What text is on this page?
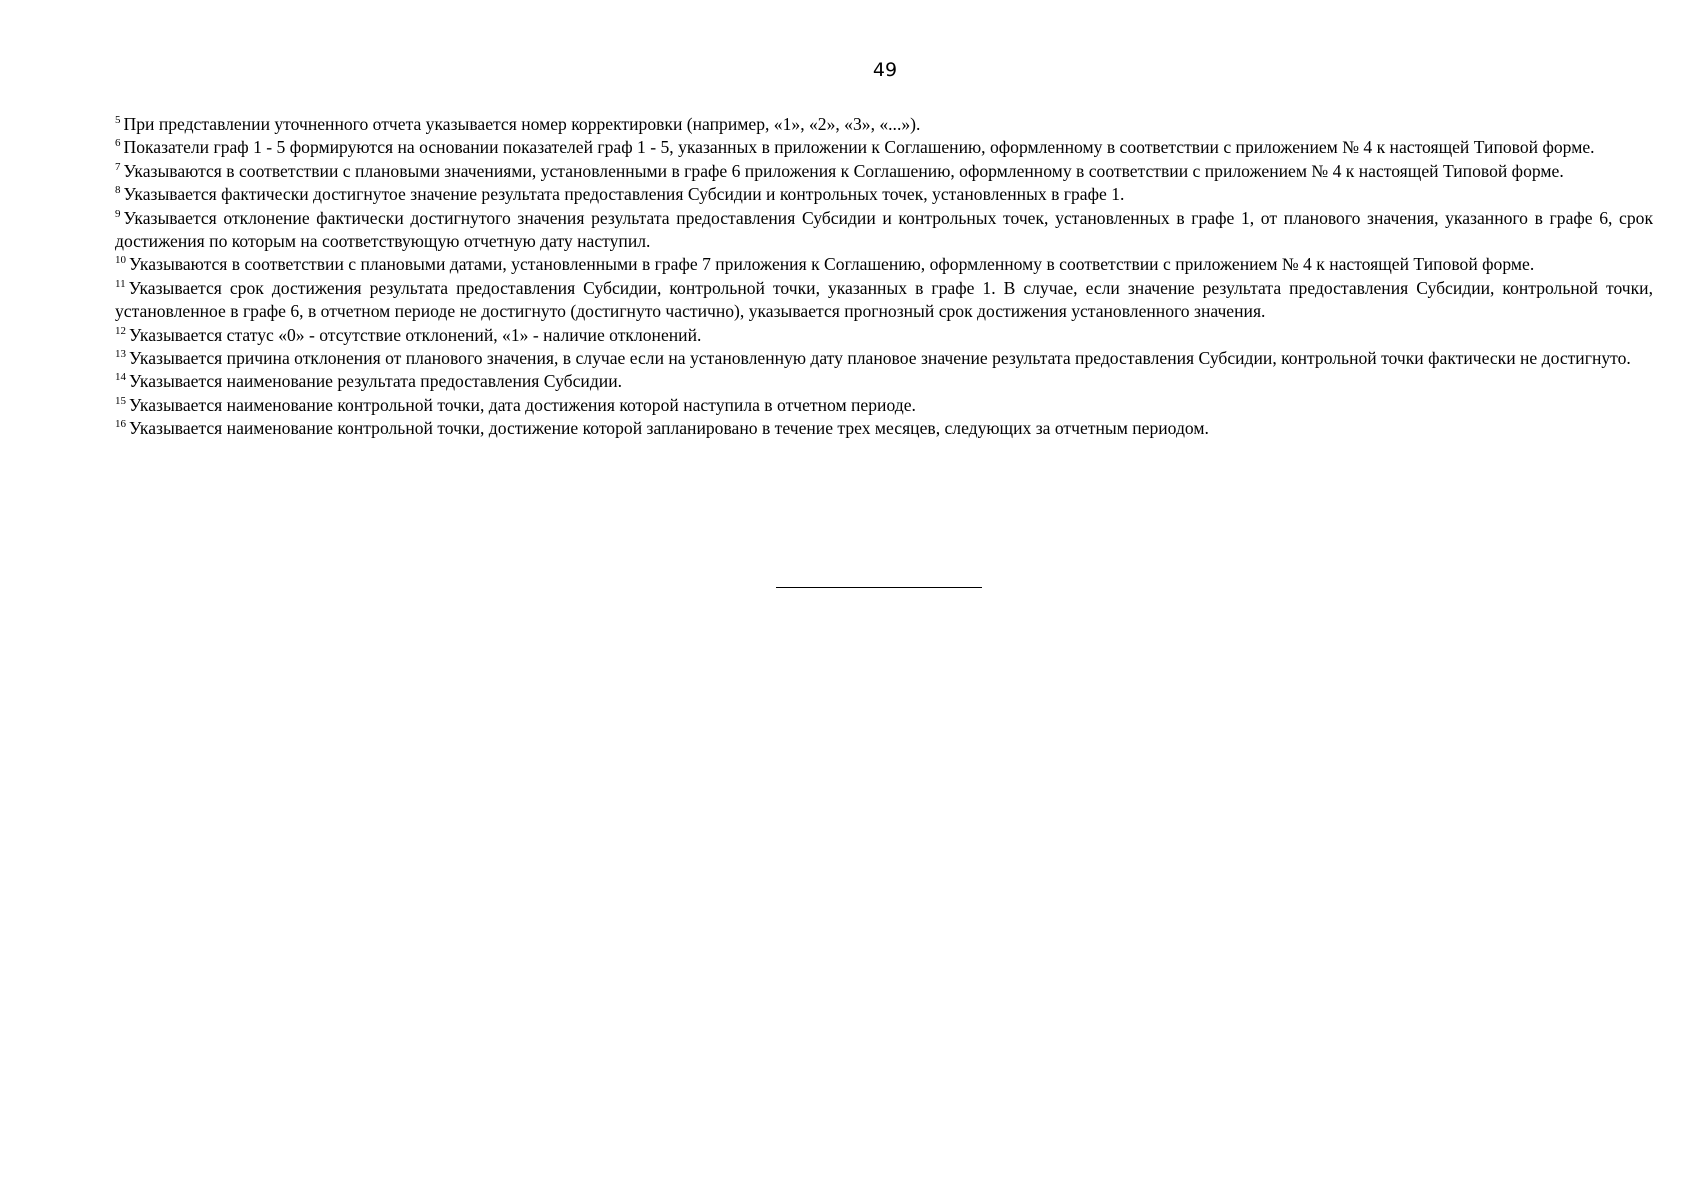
49

$^5$ При представлении уточненного отчета указывается номер корректировки (например, «1», «2», «3», «...»).

$^6$ Показатели граф 1 - 5 формируются на основании показателей граф 1 - 5, указанных в приложении к Соглашению, оформленному в соответствии с приложением № 4 к настоящей Типовой форме.

$^7$ Указываются в соответствии с плановыми значениями, установленными в графе 6 приложения к Соглашению, оформленному в соответствии с приложением № 4 к настоящей Типовой форме.

$^8$ Указывается фактически достигнутое значение результата предоставления Субсидии и контрольных точек, установленных в графе 1.

$^9$ Указывается отклонение фактически достигнутого значения результата предоставления Субсидии и контрольных точек, установленных в графе 1, от планового значения, указанного в графе 6, срок достижения по которым на соответствующую отчетную дату наступил.

$^{10}$ Указываются в соответствии с плановыми датами, установленными в графе 7 приложения к Соглашению, оформленному в соответствии с приложением № 4 к настоящей Типовой форме.

$^{11}$ Указывается срок достижения результата предоставления Субсидии, контрольной точки, указанных в графе 1. В случае, если значение результата предоставления Субсидии, контрольной точки, установленное в графе 6, в отчетном периоде не достигнуто (достигнуто частично), указывается прогнозный срок достижения установленного значения.

$^{12}$ Указывается статус «0» - отсутствие отклонений, «1» - наличие отклонений.

$^{13}$ Указывается причина отклонения от планового значения, в случае если на установленную дату плановое значение результата предоставления Субсидии, контрольной точки фактически не достигнуто.

$^{14}$ Указывается наименование результата предоставления Субсидии.

$^{15}$ Указывается наименование контрольной точки, дата достижения которой наступила в отчетном периоде.

$^{16}$ Указывается наименование контрольной точки, достижение которой запланировано в течение трех месяцев, следующих за отчетным периодом.
